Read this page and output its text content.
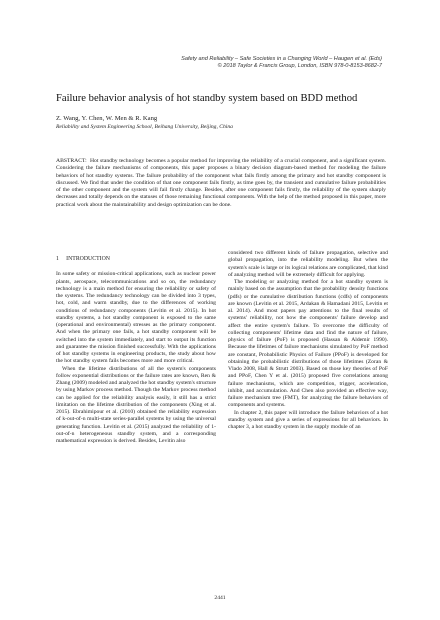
Safety and Reliability – Safe Societies in a Changing World – Haugen et al. (Eds)
© 2018 Taylor & Francis Group, London, ISBN 978-0-8153-8682-7
Failure behavior analysis of hot standby system based on BDD method
Z. Wang, Y. Chen, W. Men & R. Kang
Reliability and System Engineering School, Beihang University, Beijing, China
ABSTRACT: Hot standby technology becomes a popular method for improving the reliability of a crucial component, and a significant system. Considering the failure mechanisms of components, this paper proposes a binary decision diagram-based method for modeling the failure behaviors of hot standby systems. The failure probability of the component what fails firstly among the primary and hot standby component is discussed. We find that under the condition of that one component fails firstly, as time goes by, the transient and cumulative failure probabilities of the other component and the system will fail firstly change. Besides, after one component fails firstly, the reliability of the system sharply decreases and totally depends on the statuses of those remaining functional components. With the help of the method proposed in this paper, more practical work about the maintainability and design optimization can be done.
1 INTRODUCTION

In some safety or mission-critical applications, such as nuclear power plants, aerospace, telecommunications and so on, the redundancy technology is a main method for ensuring the reliability or safety of the systems. The redundancy technology can be divided into 3 types, hot, cold, and warm standby, due to the differences of working conditions of redundancy components (Levitin et al. 2015). In hot standby systems, a hot standby component is exposed to the same (operational and environmental) stresses as the primary component. And when the primary one fails, a hot standby component will be switched into the system immediately, and start to output its function and guarantee the mission finished successfully. With the applications of hot standby systems in engineering products, the study about how the hot standby system fails becomes more and more critical.

When the lifetime distributions of all the system's components follow exponential distributions or the failure rates are known, Ren & Zhang (2009) modeled and analyzed the hot standby system's structure by using Markov process method. Though the Markov process method can be applied for the reliability analysis easily, it still has a strict limitation on the lifetime distribution of the components (Xing et al. 2015). Ebrahimipour et al. (2010) obtained the reliability expression of k-out-of-n multi-state series-parallel systems by using the universal generating function. Levitin et al. (2015) analyzed the reliability of 1-out-of-n heterogeneous standby system, and a corresponding mathematical expression is derived. Besides, Levitin also

considered two different kinds of failure propagation, selective and global propagation, into the reliability modeling. But when the system's scale is large or its logical relations are complicated, that kind of analyzing method will be extremely difficult for applying.

The modeling or analyzing method for a hot standby system is mainly based on the assumption that the probability density functions (pdfs) or the cumulative distribution functions (cdfs) of components are known (Levitin et al. 2015, Ardakan & Hamadani 2015, Levitin et al. 2014). And most papers pay attentions to the final results of systems' reliability, not how the components' failure develop and affect the entire system's failure. To overcome the difficulty of collecting components' lifetime data and find the nature of failure, physics of failure (PoF) is proposed (Hassan & Aldemir 1990). Because the lifetimes of failure mechanisms simulated by PoF method are constant, Probabilistic Physics of Failure (PPoF) is developed for obtaining the probabilistic distributions of those lifetimes (Zoran & Vlado 2008, Hall & Strutt 2003). Based on those key theories of PoF and PPoF, Chen Y et al. (2015) proposed five correlations among failure mechanisms, which are competition, trigger, acceleration, inhibit, and accumulation. And Chen also provided an effective way, failure mechanism tree (FMT), for analyzing the failure behaviors of components and systems.

In chapter 2, this paper will introduce the failure behaviors of a hot standby system and give a series of expressions for all behaviors. In chapter 3, a hot standby system in the supply module of an

2441
